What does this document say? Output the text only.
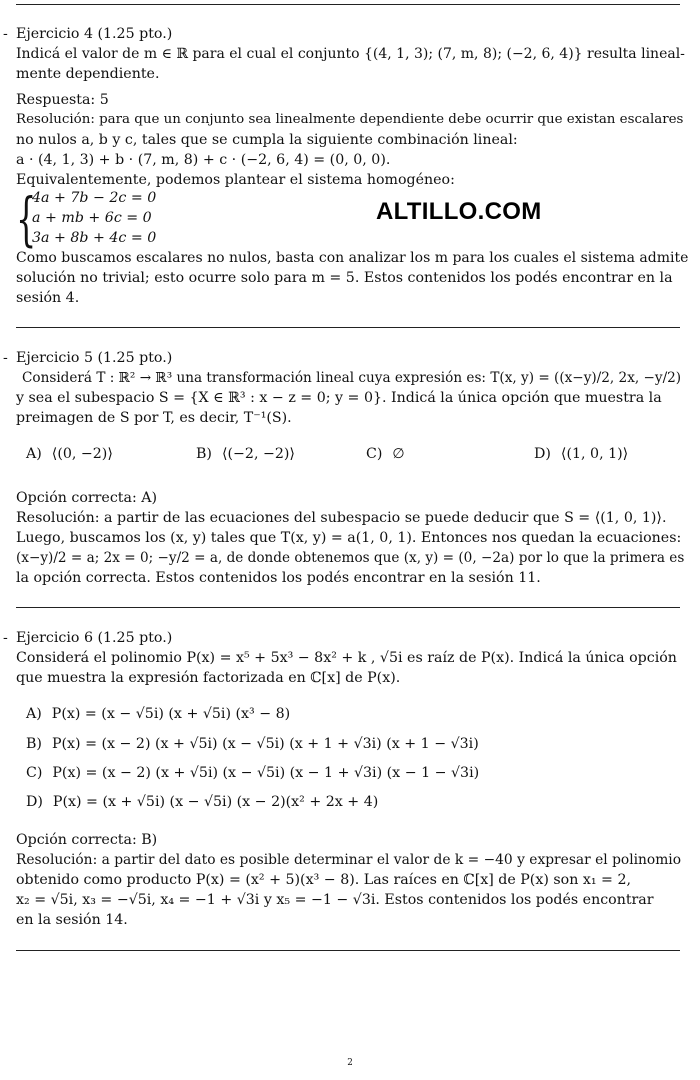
- Ejercicio 4 (1.25 pto.)
Indicá el valor de m ∈ ℝ para el cual el conjunto {(4, 1, 3); (7, m, 8); (−2, 6, 4)} resulta lineal-
mente dependiente.
Respuesta: 5
Resolución: para que un conjunto sea linealmente dependiente debe ocurrir que existan escalares
no nulos a, b y c, tales que se cumpla la siguiente combinación lineal:
a · (4, 1, 3) + b · (7, m, 8) + c · (−2, 6, 4) = (0, 0, 0).
Equivalentemente, podemos plantear el sistema homogéneo:
{
4a + 7b − 2c = 0
a + mb + 6c = 0
3a + 8b + 4c = 0
ALTILLO.COM
Como buscamos escalares no nulos, basta con analizar los m para los cuales el sistema admite
solución no trivial; esto ocurre solo para m = 5. Estos contenidos los podés encontrar en la
sesión 4.
- Ejercicio 5 (1.25 pto.)
Considerá T : ℝ² → ℝ³ una transformación lineal cuya expresión es: T(x, y) = ((x−y)/2, 2x, −y/2)
y sea el subespacio S = {X ∈ ℝ³ : x − z = 0; y = 0}. Indicá la única opción que muestra la
preimagen de S por T, es decir, T⁻¹(S).
A) ⟨(0, −2)⟩	B) ⟨(−2, −2)⟩	C) ∅	D) ⟨(1, 0, 1)⟩
Opción correcta: A)
Resolución: a partir de las ecuaciones del subespacio se puede deducir que S = ⟨(1, 0, 1)⟩.
Luego, buscamos los (x, y) tales que T(x, y) = a(1, 0, 1). Entonces nos quedan la ecuaciones:
(x−y)/2 = a; 2x = 0; −y/2 = a, de donde obtenemos que (x, y) = (0, −2a) por lo que la primera es
la opción correcta. Estos contenidos los podés encontrar en la sesión 11.
- Ejercicio 6 (1.25 pto.)
Considerá el polinomio P(x) = x⁵ + 5x³ − 8x² + k , √5i es raíz de P(x). Indicá la única opción
que muestra la expresión factorizada en ℂ[x] de P(x).
A) P(x) = (x − √5i) (x + √5i) (x³ − 8)
B) P(x) = (x − 2) (x + √5i) (x − √5i) (x + 1 + √3i) (x + 1 − √3i)
C) P(x) = (x − 2) (x + √5i) (x − √5i) (x − 1 + √3i) (x − 1 − √3i)
D) P(x) = (x + √5i) (x − √5i) (x − 2)(x² + 2x + 4)
Opción correcta: B)
Resolución: a partir del dato es posible determinar el valor de k = −40 y expresar el polinomio
obtenido como producto P(x) = (x² + 5)(x³ − 8). Las raíces en ℂ[x] de P(x) son x₁ = 2,
x₂ = √5i, x₃ = −√5i, x₄ = −1 + √3i y x₅ = −1 − √3i. Estos contenidos los podés encontrar
en la sesión 14.
2
